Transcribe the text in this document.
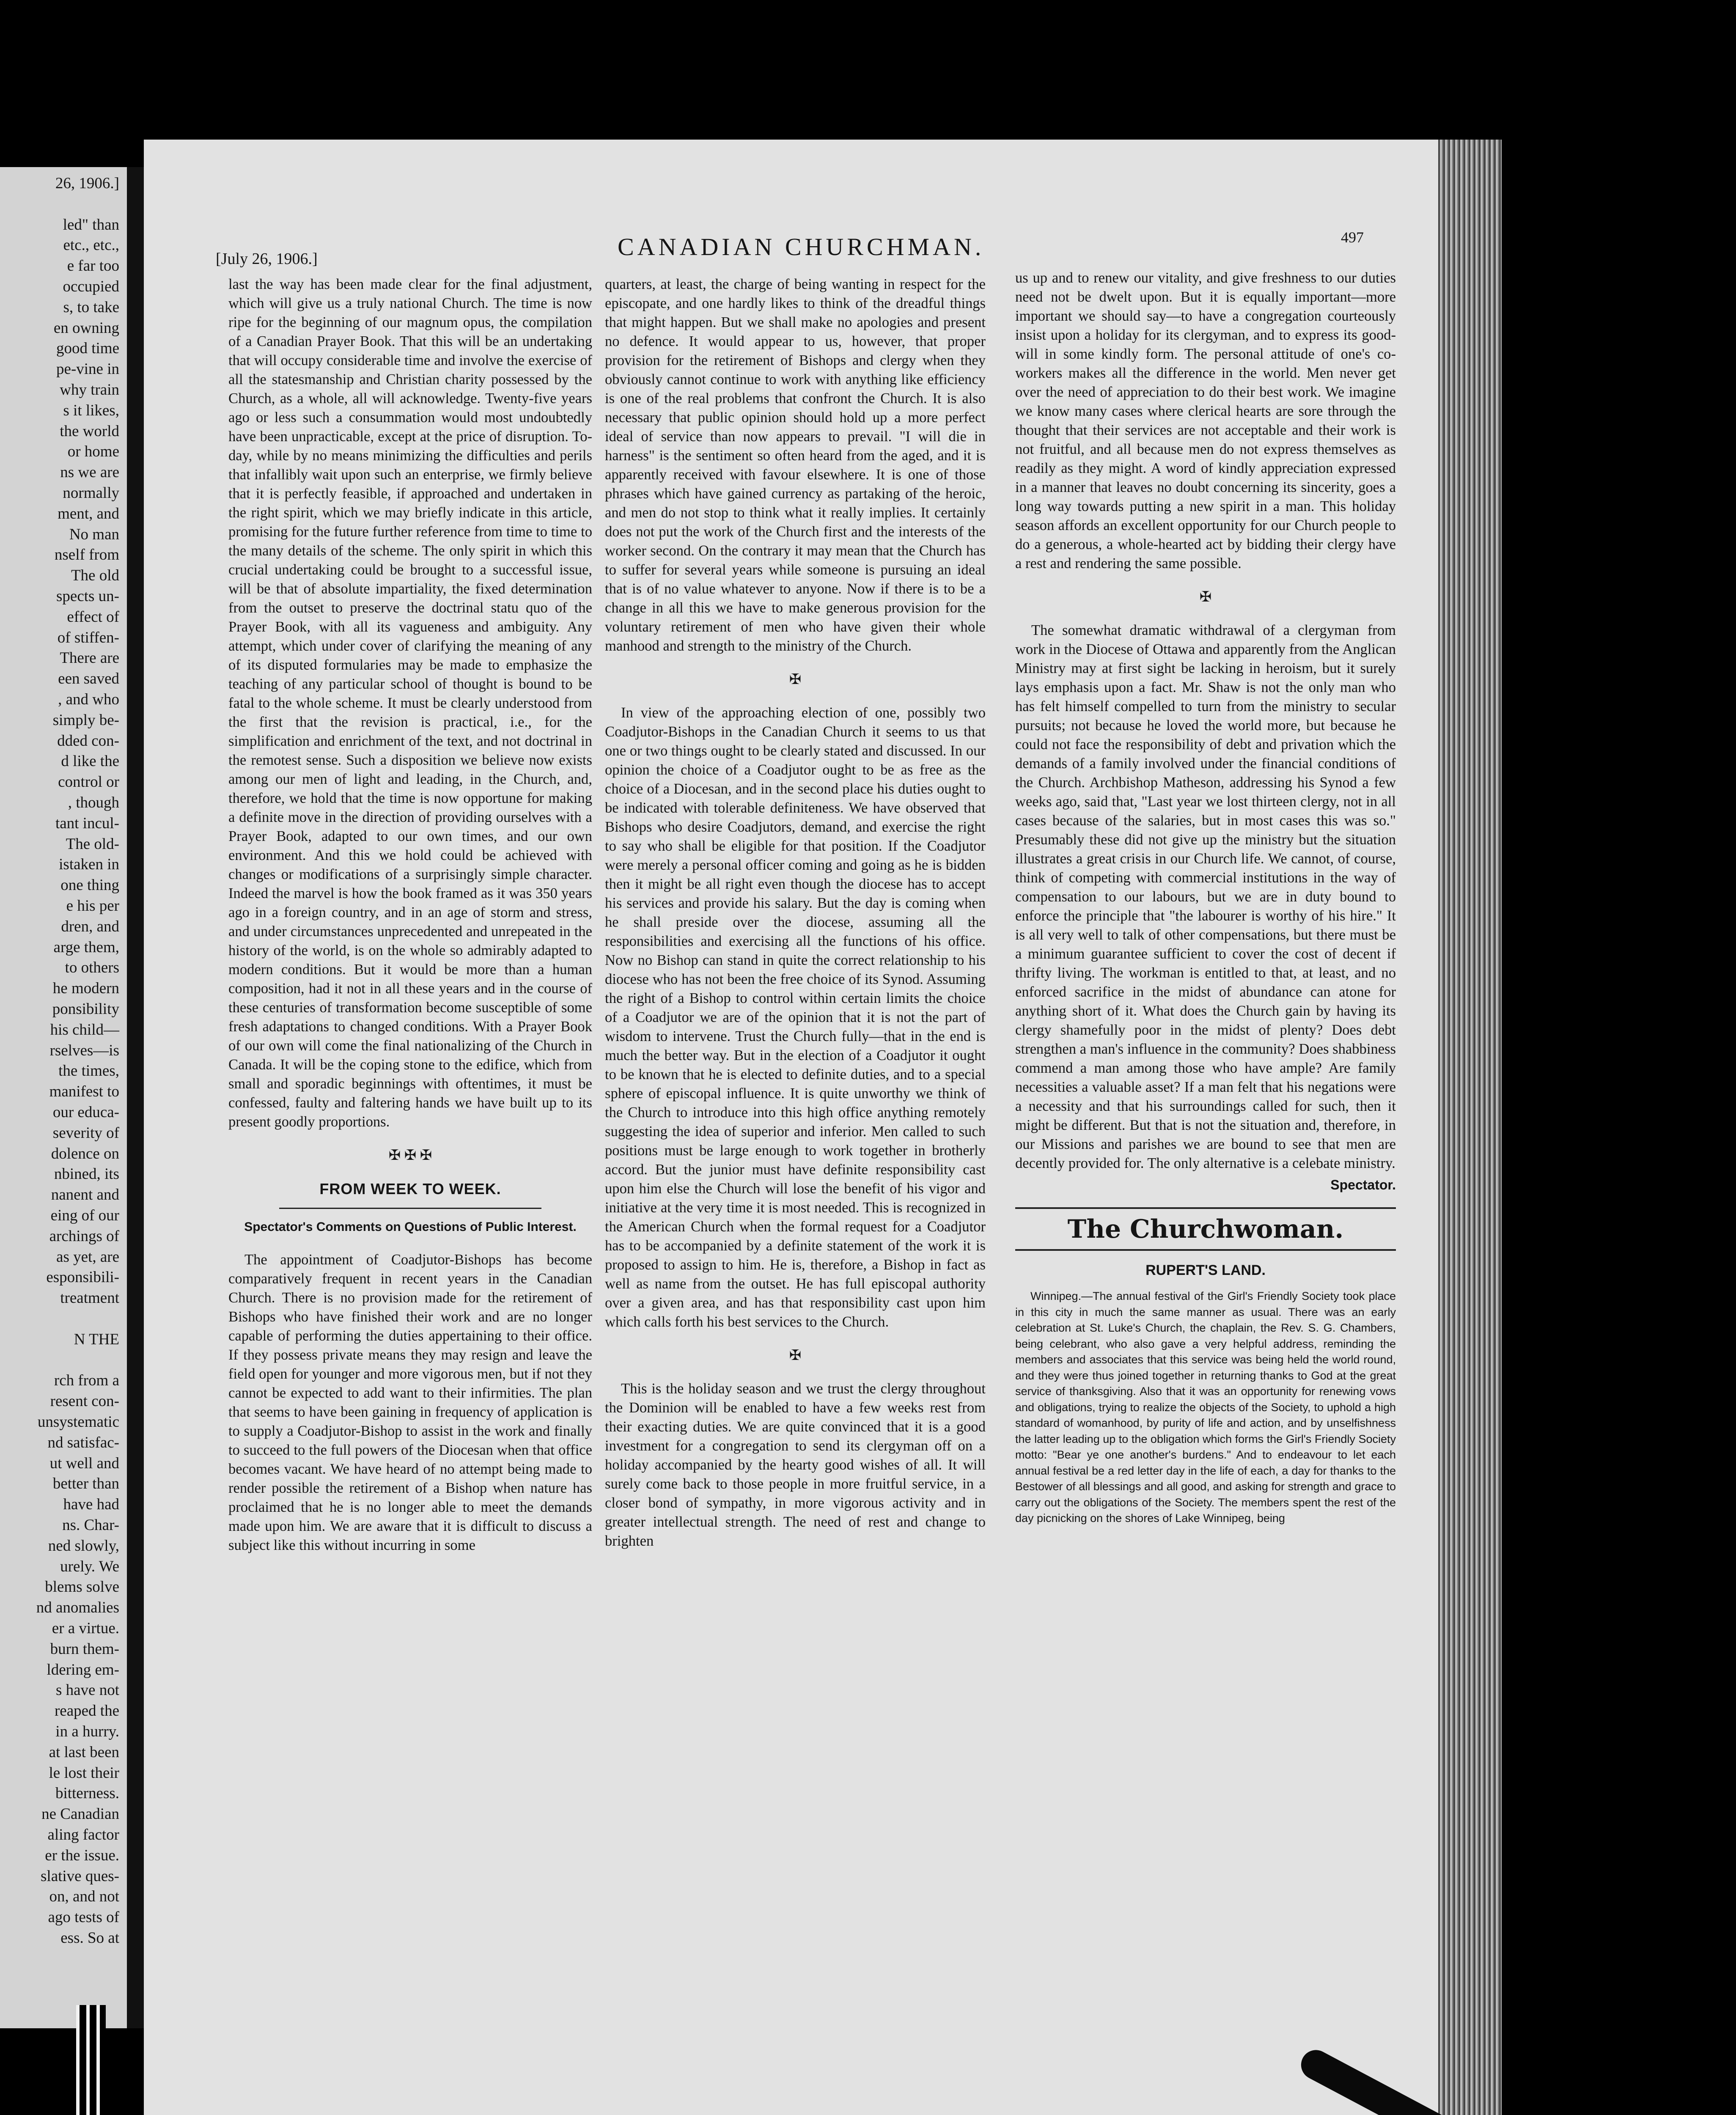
26, 1906.]
led" than
etc., etc.,
e far too
occupied
s, to take
en owning
good time
pe-vine in
why train
s it likes,
the world
or home
ns we are
normally
ment, and
No man
nself from
The old
spects un-
effect of
of stiffen-
There are
een saved
, and who
simply be-
dded con-
d like the
control or
, though
tant incul-
The old-
istaken in
one thing
e his per
dren, and
arge them,
to others
he modern
ponsibility
his child—
rselves—is
the times,
manifest to
our educa-
severity of
dolence on
nbined, its
nanent and
eing of our
archings of
as yet, are
esponsibili-
treatment
N THE
rch from a
resent con-
unsystematic
nd satisfac-
ut well and
better than
have had
ns. Char-
ned slowly,
urely. We
blems solve
nd anomalies
er a virtue.
burn them-
ldering em-
s have not
reaped the
in a hurry.
at last been
le lost their
bitterness.
ne Canadian
aling factor
er the issue.
slative ques-
on, and not
ago tests of
ess. So at
[July 26, 1906.]	CANADIAN CHURCHMAN.	497

last the way has been made clear for the final adjustment, which will give us a truly national Church. The time is now ripe for the beginning of our magnum opus, the compilation of a Canadian Prayer Book. That this will be an undertaking that will occupy considerable time and involve the exercise of all the statesmanship and Christian charity possessed by the Church, as a whole, all will acknowledge. Twenty-five years ago or less such a consummation would most undoubtedly have been unpracticable, except at the price of disruption. To-day, while by no means minimizing the difficulties and perils that infallibly wait upon such an enterprise, we firmly believe that it is perfectly feasible, if approached and undertaken in the right spirit, which we may briefly indicate in this article, promising for the future further reference from time to time to the many details of the scheme. The only spirit in which this crucial undertaking could be brought to a successful issue, will be that of absolute impartiality, the fixed determination from the outset to preserve the doctrinal statu quo of the Prayer Book, with all its vagueness and ambiguity. Any attempt, which under cover of clarifying the meaning of any of its disputed formularies may be made to emphasize the teaching of any particular school of thought is bound to be fatal to the whole scheme. It must be clearly understood from the first that the revision is practical, i.e., for the simplification and enrichment of the text, and not doctrinal in the remotest sense. Such a disposition we believe now exists among our men of light and leading, in the Church, and, therefore, we hold that the time is now opportune for making a definite move in the direction of providing ourselves with a Prayer Book, adapted to our own times, and our own environment. And this we hold could be achieved with changes or modifications of a surprisingly simple character. Indeed the marvel is how the book framed as it was 350 years ago in a foreign country, and in an age of storm and stress, and under circumstances unprecedented and unrepeated in the history of the world, is on the whole so admirably adapted to modern conditions. But it would be more than a human composition, had it not in all these years and in the course of these centuries of transformation become susceptible of some fresh adaptations to changed conditions. With a Prayer Book of our own will come the final nationalizing of the Church in Canada. It will be the coping stone to the edifice, which from small and sporadic beginnings with oftentimes, it must be confessed, faulty and faltering hands we have built up to its present goodly proportions.

✠ ✠ ✠
FROM WEEK TO WEEK.
Spectator's Comments on Questions of Public Interest.

The appointment of Coadjutor-Bishops has become comparatively frequent in recent years in the Canadian Church. There is no provision made for the retirement of Bishops who have finished their work and are no longer capable of performing the duties appertaining to their office. If they possess private means they may resign and leave the field open for younger and more vigorous men, but if not they cannot be expected to add want to their infirmities. The plan that seems to have been gaining in frequency of application is to supply a Coadjutor-Bishop to assist in the work and finally to succeed to the full powers of the Diocesan when that office becomes vacant. We have heard of no attempt being made to render possible the retirement of a Bishop when nature has proclaimed that he is no longer able to meet the demands made upon him. We are aware that it is difficult to discuss a subject like this without incurring in some

quarters, at least, the charge of being wanting in respect for the episcopate, and one hardly likes to think of the dreadful things that might happen. But we shall make no apologies and present no defence. It would appear to us, however, that proper provision for the retirement of Bishops and clergy when they obviously cannot continue to work with anything like efficiency is one of the real problems that confront the Church. It is also necessary that public opinion should hold up a more perfect ideal of service than now appears to prevail. "I will die in harness" is the sentiment so often heard from the aged, and it is apparently received with favour elsewhere. It is one of those phrases which have gained currency as partaking of the heroic, and men do not stop to think what it really implies. It certainly does not put the work of the Church first and the interests of the worker second. On the contrary it may mean that the Church has to suffer for several years while someone is pursuing an ideal that is of no value whatever to anyone. Now if there is to be a change in all this we have to make generous provision for the voluntary retirement of men who have given their whole manhood and strength to the ministry of the Church.

✠

In view of the approaching election of one, possibly two Coadjutor-Bishops in the Canadian Church it seems to us that one or two things ought to be clearly stated and discussed. In our opinion the choice of a Coadjutor ought to be as free as the choice of a Diocesan, and in the second place his duties ought to be indicated with tolerable definiteness. We have observed that Bishops who desire Coadjutors, demand, and exercise the right to say who shall be eligible for that position. If the Coadjutor were merely a personal officer coming and going as he is bidden then it might be all right even though the diocese has to accept his services and provide his salary. But the day is coming when he shall preside over the diocese, assuming all the responsibilities and exercising all the functions of his office. Now no Bishop can stand in quite the correct relationship to his diocese who has not been the free choice of its Synod. Assuming the right of a Bishop to control within certain limits the choice of a Coadjutor we are of the opinion that it is not the part of wisdom to intervene. Trust the Church fully—that in the end is much the better way. But in the election of a Coadjutor it ought to be known that he is elected to definite duties, and to a special sphere of episcopal influence. It is quite unworthy we think of the Church to introduce into this high office anything remotely suggesting the idea of superior and inferior. Men called to such positions must be large enough to work together in brotherly accord. But the junior must have definite responsibility cast upon him else the Church will lose the benefit of his vigor and initiative at the very time it is most needed. This is recognized in the American Church when the formal request for a Coadjutor has to be accompanied by a definite statement of the work it is proposed to assign to him. He is, therefore, a Bishop in fact as well as name from the outset. He has full episcopal authority over a given area, and has that responsibility cast upon him which calls forth his best services to the Church.

✠

This is the holiday season and we trust the clergy throughout the Dominion will be enabled to have a few weeks rest from their exacting duties. We are quite convinced that it is a good investment for a congregation to send its clergyman off on a holiday accompanied by the hearty good wishes of all. It will surely come back to those people in more fruitful service, in a closer bond of sympathy, in more vigorous activity and in greater intellectual strength. The need of rest and change to brighten

us up and to renew our vitality, and give freshness to our duties need not be dwelt upon. But it is equally important—more important we should say—to have a congregation courteously insist upon a holiday for its clergyman, and to express its good-will in some kindly form. The personal attitude of one's co-workers makes all the difference in the world. Men never get over the need of appreciation to do their best work. We imagine we know many cases where clerical hearts are sore through the thought that their services are not acceptable and their work is not fruitful, and all because men do not express themselves as readily as they might. A word of kindly appreciation expressed in a manner that leaves no doubt concerning its sincerity, goes a long way towards putting a new spirit in a man. This holiday season affords an excellent opportunity for our Church people to do a generous, a whole-hearted act by bidding their clergy have a rest and rendering the same possible.

✠

The somewhat dramatic withdrawal of a clergyman from work in the Diocese of Ottawa and apparently from the Anglican Ministry may at first sight be lacking in heroism, but it surely lays emphasis upon a fact. Mr. Shaw is not the only man who has felt himself compelled to turn from the ministry to secular pursuits; not because he loved the world more, but because he could not face the responsibility of debt and privation which the demands of a family involved under the financial conditions of the Church. Archbishop Matheson, addressing his Synod a few weeks ago, said that, "Last year we lost thirteen clergy, not in all cases because of the salaries, but in most cases this was so." Presumably these did not give up the ministry but the situation illustrates a great crisis in our Church life. We cannot, of course, think of competing with commercial institutions in the way of compensation to our labours, but we are in duty bound to enforce the principle that "the labourer is worthy of his hire." It is all very well to talk of other compensations, but there must be a minimum guarantee sufficient to cover the cost of decent if thrifty living. The workman is entitled to that, at least, and no enforced sacrifice in the midst of abundance can atone for anything short of it. What does the Church gain by having its clergy shamefully poor in the midst of plenty? Does debt strengthen a man's influence in the community? Does shabbiness commend a man among those who have ample? Are family necessities a valuable asset? If a man felt that his negations were a necessity and that his surroundings called for such, then it might be different. But that is not the situation and, therefore, in our Missions and parishes we are bound to see that men are decently provided for. The only alternative is a celebate ministry.

Spectator.
The Churchwoman.
RUPERT'S LAND.

Winnipeg.—The annual festival of the Girl's Friendly Society took place in this city in much the same manner as usual. There was an early celebration at St. Luke's Church, the chaplain, the Rev. S. G. Chambers, being celebrant, who also gave a very helpful address, reminding the members and associates that this service was being held the world round, and they were thus joined together in returning thanks to God at the great service of thanksgiving. Also that it was an opportunity for renewing vows and obligations, trying to realize the objects of the Society, to uphold a high standard of womanhood, by purity of life and action, and by unselfishness the latter leading up to the obligation which forms the Girl's Friendly Society motto: "Bear ye one another's burdens." And to endeavour to let each annual festival be a red letter day in the life of each, a day for thanks to the Bestower of all blessings and all good, and asking for strength and grace to carry out the obligations of the Society. The members spent the rest of the day picnicking on the shores of Lake Winnipeg, being
